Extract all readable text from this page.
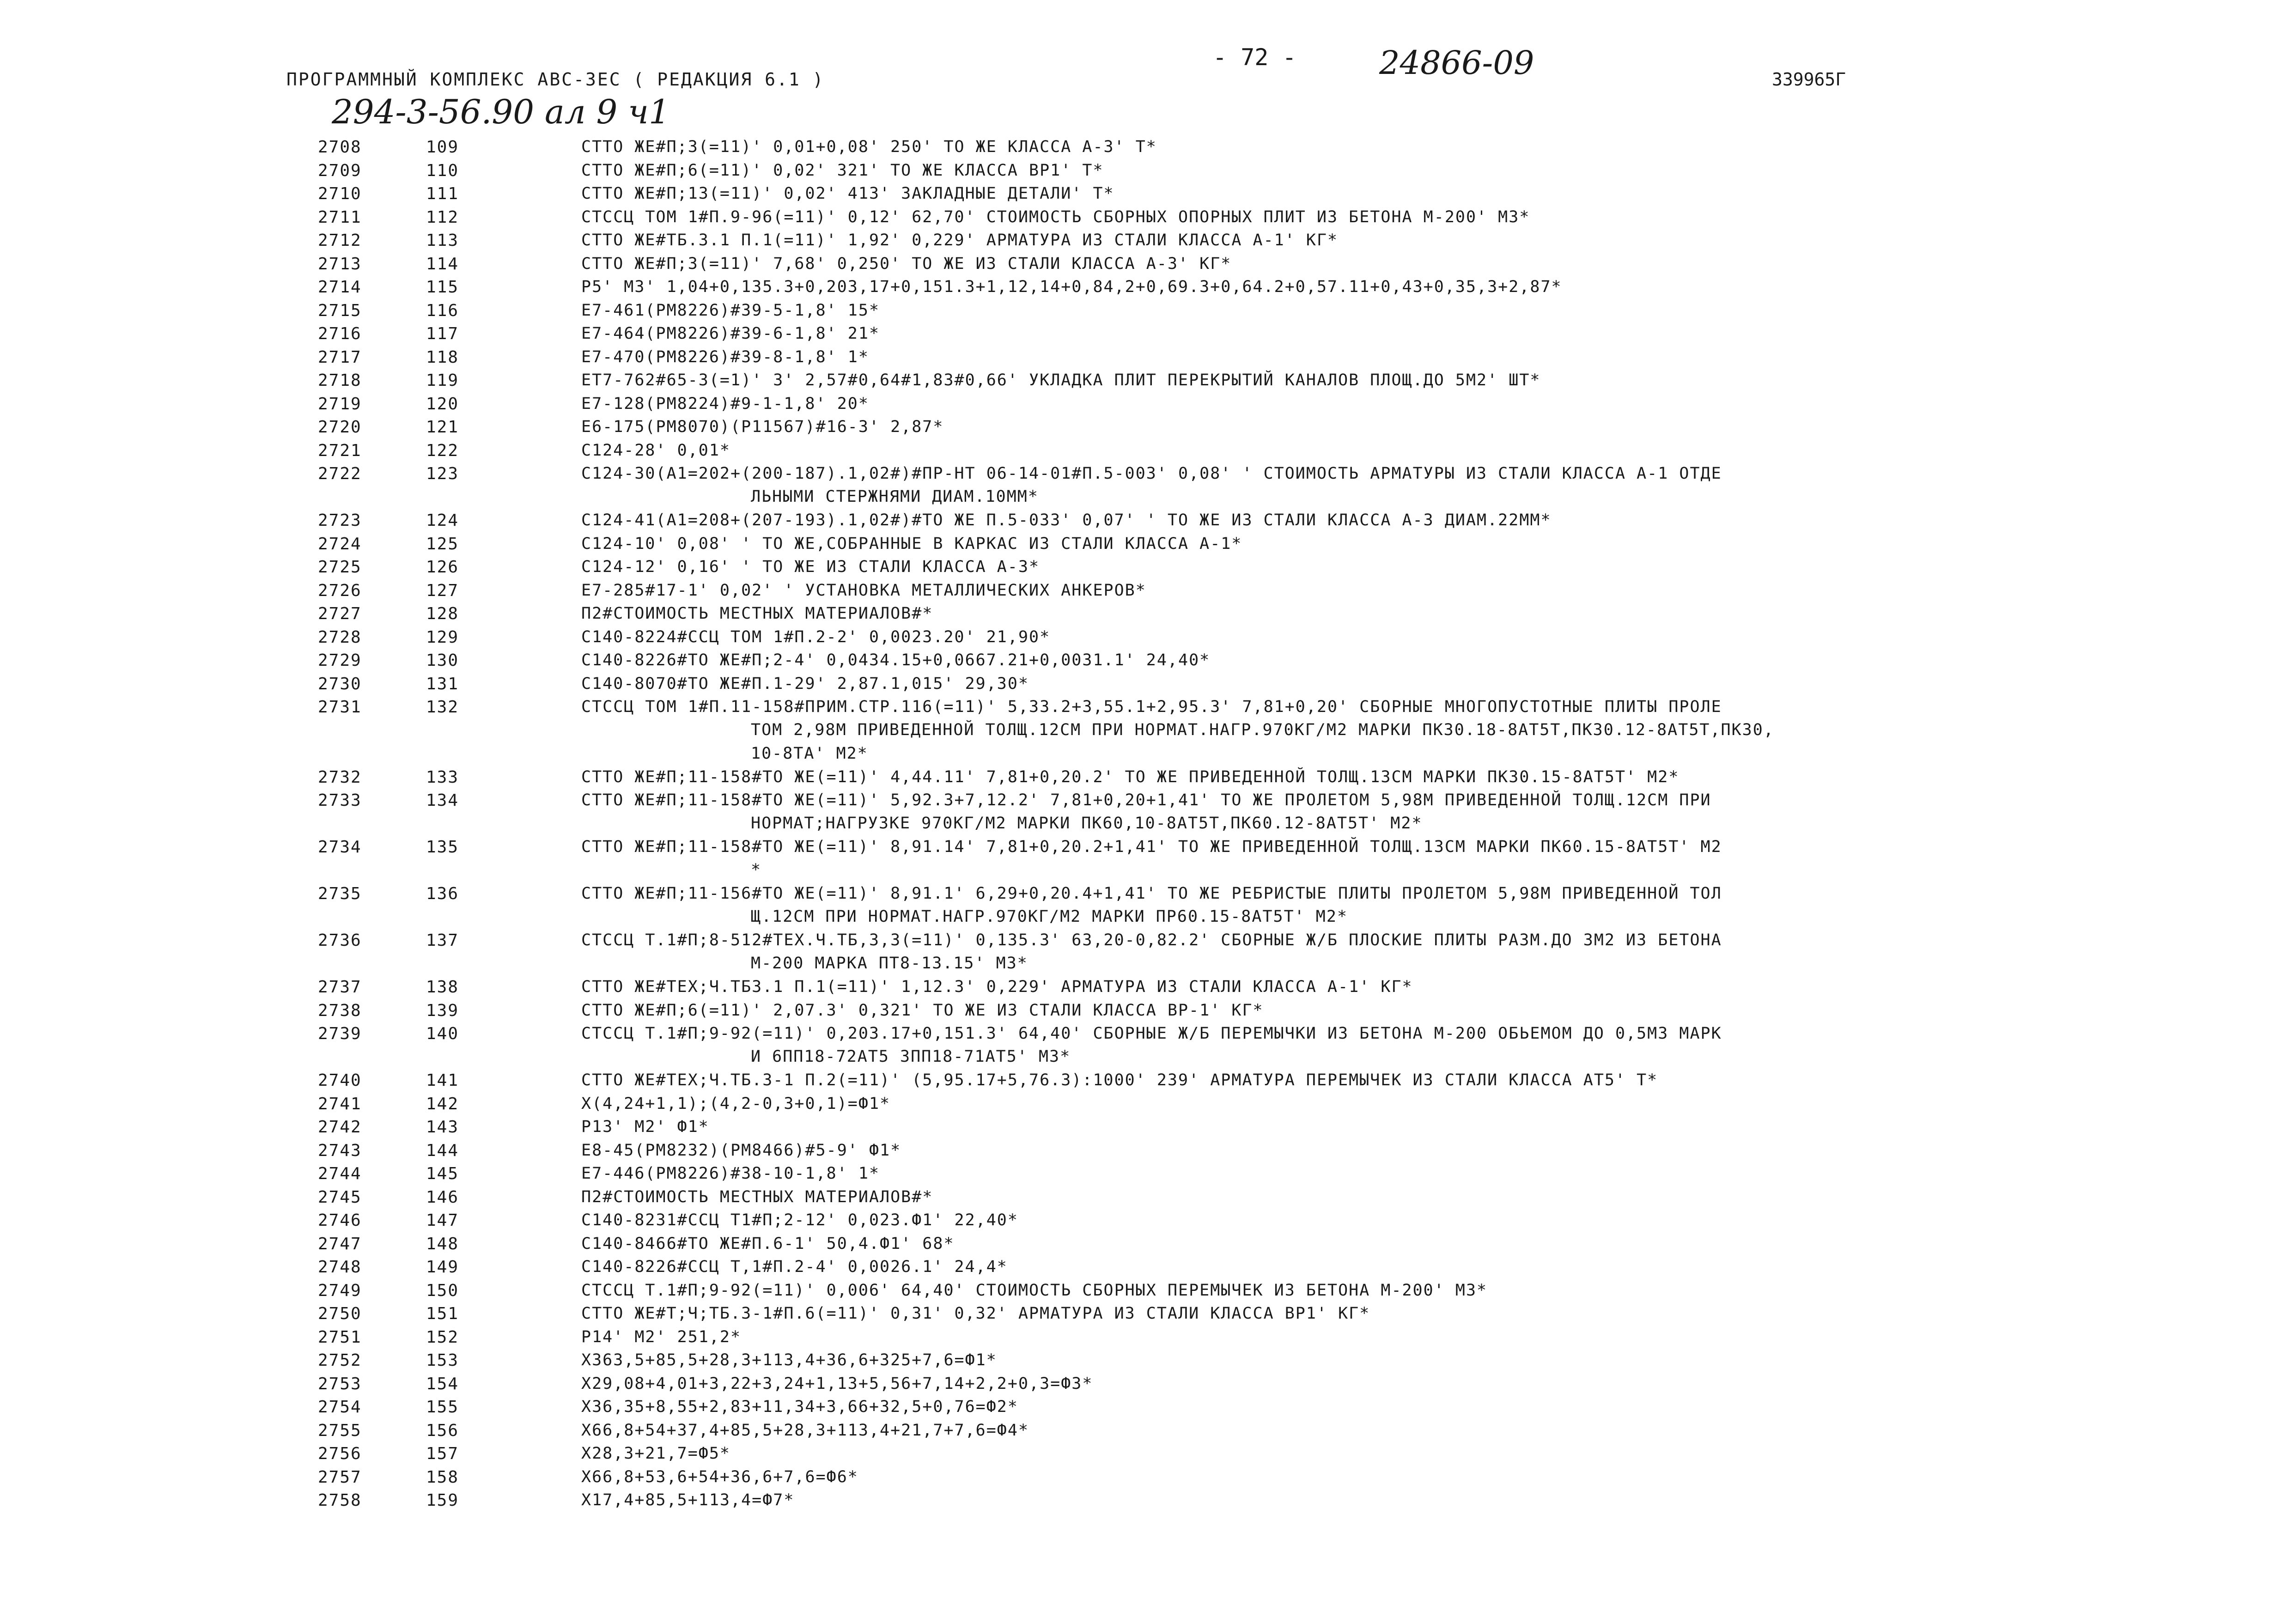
ПРОГРАММНЫЙ КОМПЛЕКС АВС-3ЕС ( РЕДАКЦИЯ 6.1 )
- 72 -	24866-09	339965Г
294-3-56.90 ал 9 ч1
2708	109	СТТО ЖЕ#П;3(=11)' 0,01+0,08' 250' ТО ЖЕ КЛАССА А-3' Т*
2709	110	СТТО ЖЕ#П;6(=11)' 0,02' 321' ТО ЖЕ КЛАССА ВР1' Т*
2710	111	СТТО ЖЕ#П;13(=11)' 0,02' 413' ЗАКЛАДНЫЕ ДЕТАЛИ' Т*
2711	112	СТССЦ ТОМ 1#П.9-96(=11)' 0,12' 62,70' СТОИМОСТЬ СБОРНЫХ ОПОРНЫХ ПЛИТ ИЗ БЕТОНА М-200' М3*
2712	113	СТТО ЖЕ#ТБ.3.1 П.1(=11)' 1,92' 0,229' АРМАТУРА ИЗ СТАЛИ КЛАССА А-1' КГ*
2713	114	СТТО ЖЕ#П;3(=11)' 7,68' 0,250' ТО ЖЕ ИЗ СТАЛИ КЛАССА А-3' КГ*
2714	115	Р5' М3' 1,04+0,135.3+0,203,17+0,151.3+1,12,14+0,84,2+0,69.3+0,64.2+0,57.11+0,43+0,35,3+2,87*
2715	116	Е7-461(РМ8226)#39-5-1,8' 15*
2716	117	Е7-464(РМ8226)#39-6-1,8' 21*
2717	118	Е7-470(РМ8226)#39-8-1,8' 1*
2718	119	ЕТ7-762#65-3(=1)' 3' 2,57#0,64#1,83#0,66' УКЛАДКА ПЛИТ ПЕРЕКРЫТИЙ КАНАЛОВ ПЛОЩ.ДО 5М2' ШТ*
2719	120	Е7-128(РМ8224)#9-1-1,8' 20*
2720	121	Е6-175(РМ8070)(Р11567)#16-3' 2,87*
2721	122	С124-28' 0,01*
2722	123	С124-30(А1=202+(200-187).1,02#)#ПР-НТ 06-14-01#П.5-003' 0,08' ' СТОИМОСТЬ АРМАТУРЫ ИЗ СТАЛИ КЛАССА А-1 ОТДЕ
ЛЬНЫМИ СТЕРЖНЯМИ ДИАМ.10ММ*
2723	124	С124-41(А1=208+(207-193).1,02#)#ТО ЖЕ П.5-033' 0,07' ' ТО ЖЕ ИЗ СТАЛИ КЛАССА А-3 ДИАМ.22ММ*
2724	125	С124-10' 0,08' ' ТО ЖЕ,СОБРАННЫЕ В КАРКАС ИЗ СТАЛИ КЛАССА А-1*
2725	126	С124-12' 0,16' ' ТО ЖЕ ИЗ СТАЛИ КЛАССА А-3*
2726	127	Е7-285#17-1' 0,02' ' УСТАНОВКА МЕТАЛЛИЧЕСКИХ АНКЕРОВ*
2727	128	П2#СТОИМОСТЬ МЕСТНЫХ МАТЕРИАЛОВ#*
2728	129	С140-8224#ССЦ ТОМ 1#П.2-2' 0,0023.20' 21,90*
2729	130	С140-8226#ТО ЖЕ#П;2-4' 0,0434.15+0,0667.21+0,0031.1' 24,40*
2730	131	С140-8070#ТО ЖЕ#П.1-29' 2,87.1,015' 29,30*
2731	132	СТССЦ ТОМ 1#П.11-158#ПРИМ.СТР.116(=11)' 5,33.2+3,55.1+2,95.3' 7,81+0,20' СБОРНЫЕ МНОГОПУСТОТНЫЕ ПЛИТЫ ПРОЛЕ
ТОМ 2,98М ПРИВЕДЕННОЙ ТОЛЩ.12СМ ПРИ НОРМАТ.НАГР.970КГ/М2 МАРКИ ПК30.18-8АТ5Т,ПК30.12-8АТ5Т,ПК30,
10-8ТА' М2*
2732	133	СТТО ЖЕ#П;11-158#ТО ЖЕ(=11)' 4,44.11' 7,81+0,20.2' ТО ЖЕ ПРИВЕДЕННОЙ ТОЛЩ.13СМ МАРКИ ПК30.15-8АТ5Т' М2*
2733	134	СТТО ЖЕ#П;11-158#ТО ЖЕ(=11)' 5,92.3+7,12.2' 7,81+0,20+1,41' ТО ЖЕ ПРОЛЕТОМ 5,98М ПРИВЕДЕННОЙ ТОЛЩ.12СМ ПРИ
НОРМАТ;НАГРУЗКЕ 970КГ/М2 МАРКИ ПК60,10-8АТ5Т,ПК60.12-8АТ5Т' М2*
2734	135	СТТО ЖЕ#П;11-158#ТО ЖЕ(=11)' 8,91.14' 7,81+0,20.2+1,41' ТО ЖЕ ПРИВЕДЕННОЙ ТОЛЩ.13СМ МАРКИ ПК60.15-8АТ5Т' М2
*
2735	136	СТТО ЖЕ#П;11-156#ТО ЖЕ(=11)' 8,91.1' 6,29+0,20.4+1,41' ТО ЖЕ РЕБРИСТЫЕ ПЛИТЫ ПРОЛЕТОМ 5,98М ПРИВЕДЕННОЙ ТОЛ
Щ.12СМ ПРИ НОРМАТ.НАГР.970КГ/М2 МАРКИ ПР60.15-8АТ5Т' М2*
2736	137	СТССЦ Т.1#П;8-512#ТЕХ.Ч.ТБ,3,3(=11)' 0,135.3' 63,20-0,82.2' СБОРНЫЕ Ж/Б ПЛОСКИЕ ПЛИТЫ РАЗМ.ДО 3М2 ИЗ БЕТОНА
М-200 МАРКА ПТ8-13.15' М3*
2737	138	СТТО ЖЕ#ТЕХ;Ч.ТБ3.1 П.1(=11)' 1,12.3' 0,229' АРМАТУРА ИЗ СТАЛИ КЛАССА А-1' КГ*
2738	139	СТТО ЖЕ#П;6(=11)' 2,07.3' 0,321' ТО ЖЕ ИЗ СТАЛИ КЛАССА ВР-1' КГ*
2739	140	СТССЦ Т.1#П;9-92(=11)' 0,203.17+0,151.3' 64,40' СБОРНЫЕ Ж/Б ПЕРЕМЫЧКИ ИЗ БЕТОНА М-200 ОБЬЕМОМ ДО 0,5М3 МАРК
И 6ПП18-72АТ5 3ПП18-71АТ5' М3*
2740	141	СТТО ЖЕ#ТЕХ;Ч.ТБ.3-1 П.2(=11)' (5,95.17+5,76.3):1000' 239' АРМАТУРА ПЕРЕМЫЧЕК ИЗ СТАЛИ КЛАССА АТ5' Т*
2741	142	Х(4,24+1,1);(4,2-0,3+0,1)=Ф1*
2742	143	Р13' М2' Ф1*
2743	144	Е8-45(РМ8232)(РМ8466)#5-9' Ф1*
2744	145	Е7-446(РМ8226)#38-10-1,8' 1*
2745	146	П2#СТОИМОСТЬ МЕСТНЫХ МАТЕРИАЛОВ#*
2746	147	С140-8231#ССЦ Т1#П;2-12' 0,023.Ф1' 22,40*
2747	148	С140-8466#ТО ЖЕ#П.6-1' 50,4.Ф1' 68*
2748	149	С140-8226#ССЦ Т,1#П.2-4' 0,0026.1' 24,4*
2749	150	СТССЦ Т.1#П;9-92(=11)' 0,006' 64,40' СТОИМОСТЬ СБОРНЫХ ПЕРЕМЫЧЕК ИЗ БЕТОНА М-200' М3*
2750	151	СТТО ЖЕ#Т;Ч;ТБ.3-1#П.6(=11)' 0,31' 0,32' АРМАТУРА ИЗ СТАЛИ КЛАССА ВР1' КГ*
2751	152	Р14' М2' 251,2*
2752	153	Х363,5+85,5+28,3+113,4+36,6+325+7,6=Ф1*
2753	154	Х29,08+4,01+3,22+3,24+1,13+5,56+7,14+2,2+0,3=Ф3*
2754	155	Х36,35+8,55+2,83+11,34+3,66+32,5+0,76=Ф2*
2755	156	Х66,8+54+37,4+85,5+28,3+113,4+21,7+7,6=Ф4*
2756	157	Х28,3+21,7=Ф5*
2757	158	Х66,8+53,6+54+36,6+7,6=Ф6*
2758	159	Х17,4+85,5+113,4=Ф7*
